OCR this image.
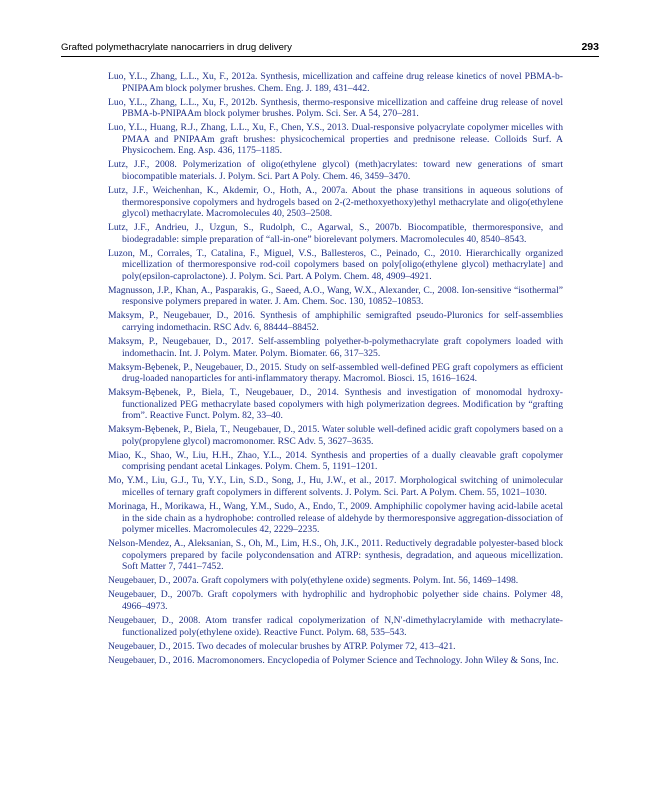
Grafted polymethacrylate nanocarriers in drug delivery	293
Luo, Y.L., Zhang, L.L., Xu, F., 2012a. Synthesis, micellization and caffeine drug release kinetics of novel PBMA-b-PNIPAAm block polymer brushes. Chem. Eng. J. 189, 431–442.
Luo, Y.L., Zhang, L.L., Xu, F., 2012b. Synthesis, thermo-responsive micellization and caffeine drug release of novel PBMA-b-PNIPAAm block polymer brushes. Polym. Sci. Ser. A 54, 270–281.
Luo, Y.L., Huang, R.J., Zhang, L.L., Xu, F., Chen, Y.S., 2013. Dual-responsive polyacrylate copolymer micelles with PMAA and PNIPAAm graft brushes: physicochemical properties and prednisone release. Colloids Surf. A Physicochem. Eng. Asp. 436, 1175–1185.
Lutz, J.F., 2008. Polymerization of oligo(ethylene glycol) (meth)acrylates: toward new generations of smart biocompatible materials. J. Polym. Sci. Part A Poly. Chem. 46, 3459–3470.
Lutz, J.F., Weichenhan, K., Akdemir, O., Hoth, A., 2007a. About the phase transitions in aqueous solutions of thermoresponsive copolymers and hydrogels based on 2-(2-methoxyethoxy)ethyl methacrylate and oligo(ethylene glycol) methacrylate. Macromolecules 40, 2503–2508.
Lutz, J.F., Andrieu, J., Uzgun, S., Rudolph, C., Agarwal, S., 2007b. Biocompatible, thermoresponsive, and biodegradable: simple preparation of “all-in-one” biorelevant polymers. Macromolecules 40, 8540–8543.
Luzon, M., Corrales, T., Catalina, F., Miguel, V.S., Ballesteros, C., Peinado, C., 2010. Hierarchically organized micellization of thermoresponsive rod-coil copolymers based on poly[oligo(ethylene glycol) methacrylate] and poly(epsilon-caprolactone). J. Polym. Sci. Part. A Polym. Chem. 48, 4909–4921.
Magnusson, J.P., Khan, A., Pasparakis, G., Saeed, A.O., Wang, W.X., Alexander, C., 2008. Ion-sensitive “isothermal” responsive polymers prepared in water. J. Am. Chem. Soc. 130, 10852–10853.
Maksym, P., Neugebauer, D., 2016. Synthesis of amphiphilic semigrafted pseudo-Pluronics for self-assemblies carrying indomethacin. RSC Adv. 6, 88444–88452.
Maksym, P., Neugebauer, D., 2017. Self-assembling polyether-b-polymethacrylate graft copolymers loaded with indomethacin. Int. J. Polym. Mater. Polym. Biomater. 66, 317–325.
Maksym-Bębenek, P., Neugebauer, D., 2015. Study on self-assembled well-defined PEG graft copolymers as efficient drug-loaded nanoparticles for anti-inflammatory therapy. Macromol. Biosci. 15, 1616–1624.
Maksym-Bębenek, P., Biela, T., Neugebauer, D., 2014. Synthesis and investigation of monomodal hydroxy-functionalized PEG methacrylate based copolymers with high polymerization degrees. Modification by “grafting from”. Reactive Funct. Polym. 82, 33–40.
Maksym-Bębenek, P., Biela, T., Neugebauer, D., 2015. Water soluble well-defined acidic graft copolymers based on a poly(propylene glycol) macromonomer. RSC Adv. 5, 3627–3635.
Miao, K., Shao, W., Liu, H.H., Zhao, Y.L., 2014. Synthesis and properties of a dually cleavable graft copolymer comprising pendant acetal Linkages. Polym. Chem. 5, 1191–1201.
Mo, Y.M., Liu, G.J., Tu, Y.Y., Lin, S.D., Song, J., Hu, J.W., et al., 2017. Morphological switching of unimolecular micelles of ternary graft copolymers in different solvents. J. Polym. Sci. Part. A Polym. Chem. 55, 1021–1030.
Morinaga, H., Morikawa, H., Wang, Y.M., Sudo, A., Endo, T., 2009. Amphiphilic copolymer having acid-labile acetal in the side chain as a hydrophobe: controlled release of aldehyde by thermoresponsive aggregation-dissociation of polymer micelles. Macromolecules 42, 2229–2235.
Nelson-Mendez, A., Aleksanian, S., Oh, M., Lim, H.S., Oh, J.K., 2011. Reductively degradable polyester-based block copolymers prepared by facile polycondensation and ATRP: synthesis, degradation, and aqueous micellization. Soft Matter 7, 7441–7452.
Neugebauer, D., 2007a. Graft copolymers with poly(ethylene oxide) segments. Polym. Int. 56, 1469–1498.
Neugebauer, D., 2007b. Graft copolymers with hydrophilic and hydrophobic polyether side chains. Polymer 48, 4966–4973.
Neugebauer, D., 2008. Atom transfer radical copolymerization of N,N′-dimethylacrylamide with methacrylate-functionalized poly(ethylene oxide). Reactive Funct. Polym. 68, 535–543.
Neugebauer, D., 2015. Two decades of molecular brushes by ATRP. Polymer 72, 413–421.
Neugebauer, D., 2016. Macromonomers. Encyclopedia of Polymer Science and Technology. John Wiley & Sons, Inc.
